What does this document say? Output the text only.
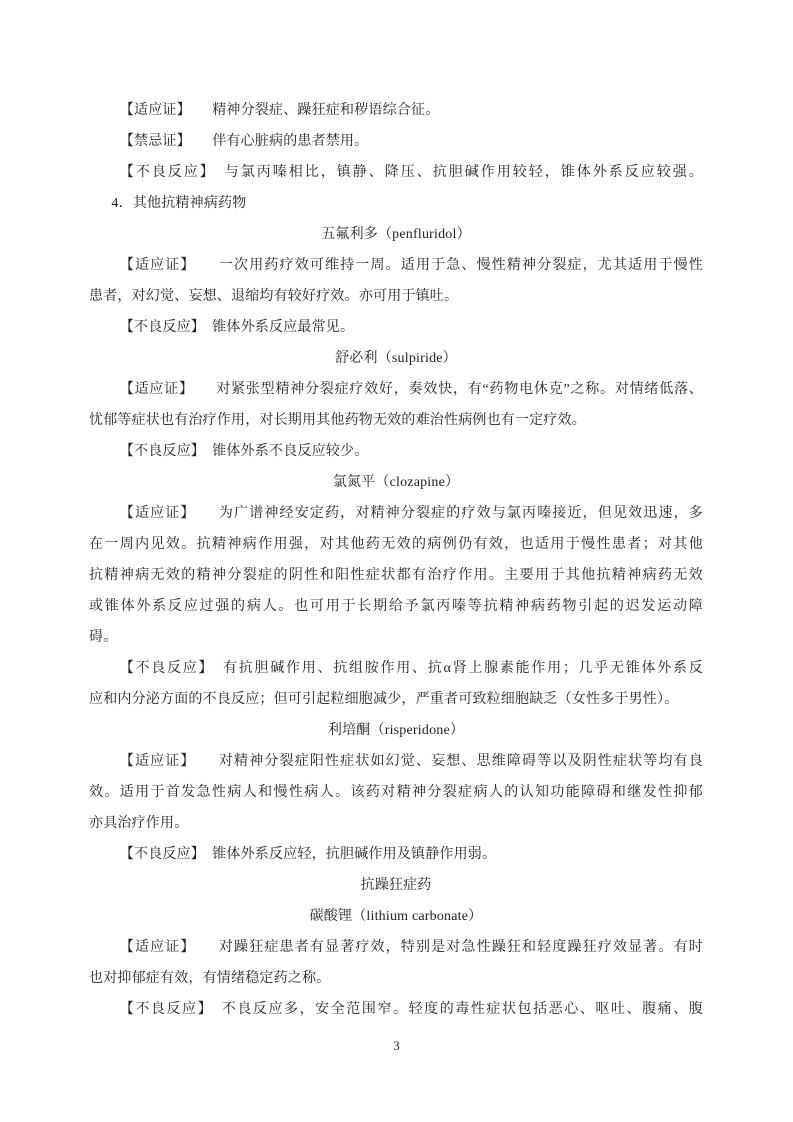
【适应证】　　精神分裂症、躁狂症和秽语综合征。
【禁忌证】　　伴有心脏病的患者禁用。
【不良反应】　与氯丙嗪相比，镇静、降压、抗胆碱作用较轻，锥体外系反应较强。
4．其他抗精神病药物
五氟利多（penfluridol）
【适应证】　　一次用药疗效可维持一周。适用于急、慢性精神分裂症，尤其适用于慢性
患者，对幻觉、妄想、退缩均有较好疗效。亦可用于镇吐。
【不良反应】　锥体外系反应最常见。
舒必利（sulpiride）
【适应证】　　对紧张型精神分裂症疗效好，奏效快，有“药物电休克”之称。对情绪低落、
忧郁等症状也有治疗作用，对长期用其他药物无效的难治性病例也有一定疗效。
【不良反应】　锥体外系不良反应较少。
氯氮平（clozapine）
【适应证】　　为广谱神经安定药，对精神分裂症的疗效与氯丙嗪接近，但见效迅速，多
在一周内见效。抗精神病作用强，对其他药无效的病例仍有效，也适用于慢性患者；对其他
抗精神病无效的精神分裂症的阴性和阳性症状都有治疗作用。主要用于其他抗精神病药无效
或锥体外系反应过强的病人。也可用于长期给予氯丙嗪等抗精神病药物引起的迟发运动障
碍。
【不良反应】　有抗胆碱作用、抗组胺作用、抗α肾上腺素能作用；几乎无锥体外系反
应和内分泌方面的不良反应；但可引起粒细胞减少，严重者可致粒细胞缺乏（女性多于男性）。
利培酮（risperidone）
【适应证】　　对精神分裂症阳性症状如幻觉、妄想、思维障碍等以及阴性症状等均有良
效。适用于首发急性病人和慢性病人。该药对精神分裂症病人的认知功能障碍和继发性抑郁
亦具治疗作用。
【不良反应】　锥体外系反应轻，抗胆碱作用及镇静作用弱。
抗躁狂症药
碳酸锂（lithium carbonate）
【适应证】　　对躁狂症患者有显著疗效，特别是对急性躁狂和轻度躁狂疗效显著。有时
也对抑郁症有效，有情绪稳定药之称。
【不良反应】　不良反应多，安全范围窄。轻度的毒性症状包括恶心、呕吐、腹痛、腹
3
